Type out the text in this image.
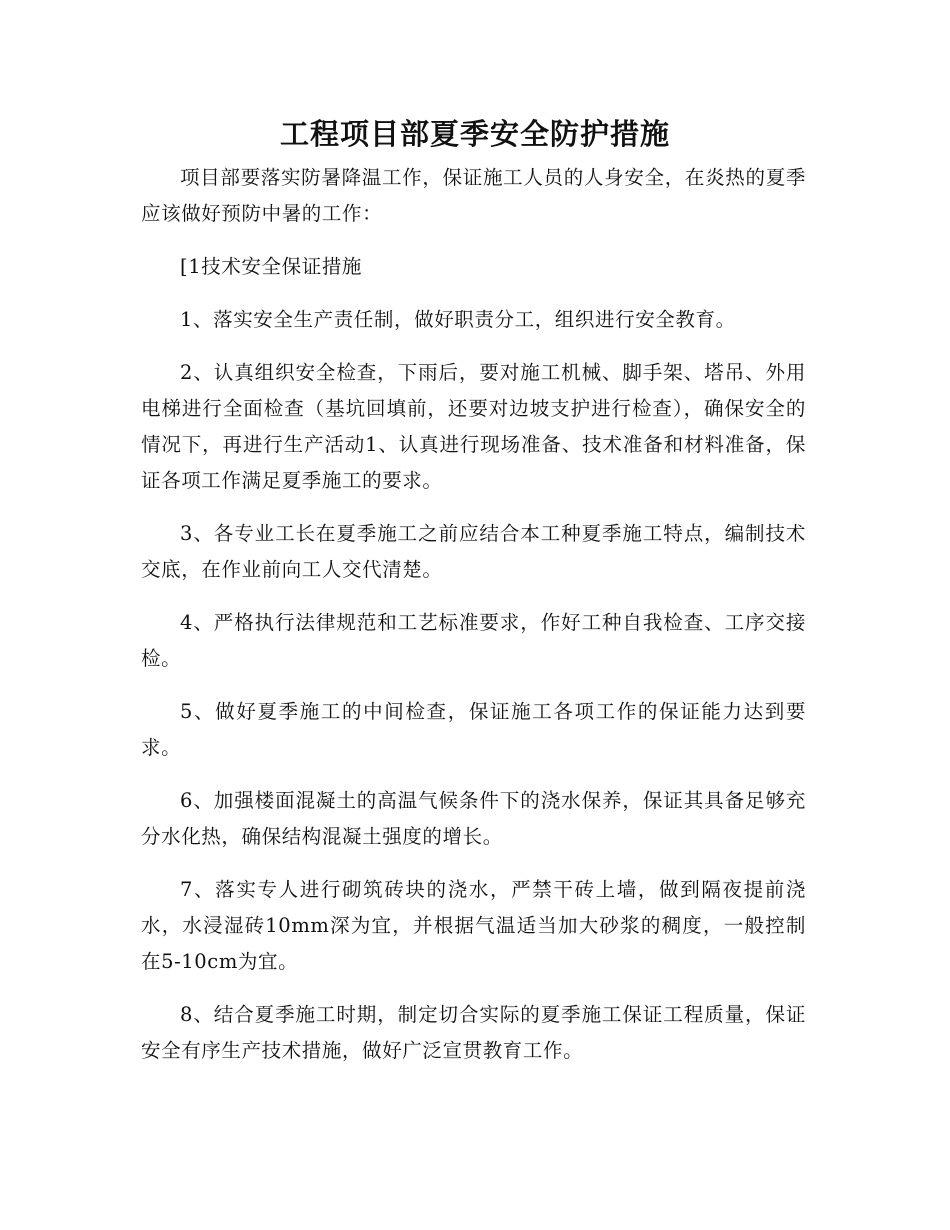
工程项目部夏季安全防护措施

项目部要落实防暑降温工作，保证施工人员的人身安全，在炎热的夏季应该做好预防中暑的工作：

[1技术安全保证措施

1、落实安全生产责任制，做好职责分工，组织进行安全教育。

2、认真组织安全检查，下雨后，要对施工机械、脚手架、塔吊、外用电梯进行全面检查（基坑回填前，还要对边坡支护进行检查），确保安全的情况下，再进行生产活动1、认真进行现场准备、技术准备和材料准备，保证各项工作满足夏季施工的要求。

3、各专业工长在夏季施工之前应结合本工种夏季施工特点，编制技术交底，在作业前向工人交代清楚。

4、严格执行法律规范和工艺标准要求，作好工种自我检查、工序交接检。

5、做好夏季施工的中间检查，保证施工各项工作的保证能力达到要求。

6、加强楼面混凝土的高温气候条件下的浇水保养，保证其具备足够充分水化热，确保结构混凝土强度的增长。

7、落实专人进行砌筑砖块的浇水，严禁干砖上墙，做到隔夜提前浇水，水浸湿砖10mm深为宜，并根据气温适当加大砂浆的稠度，一般控制在5-10cm为宜。

8、结合夏季施工时期，制定切合实际的夏季施工保证工程质量，保证安全有序生产技术措施，做好广泛宣贯教育工作。
